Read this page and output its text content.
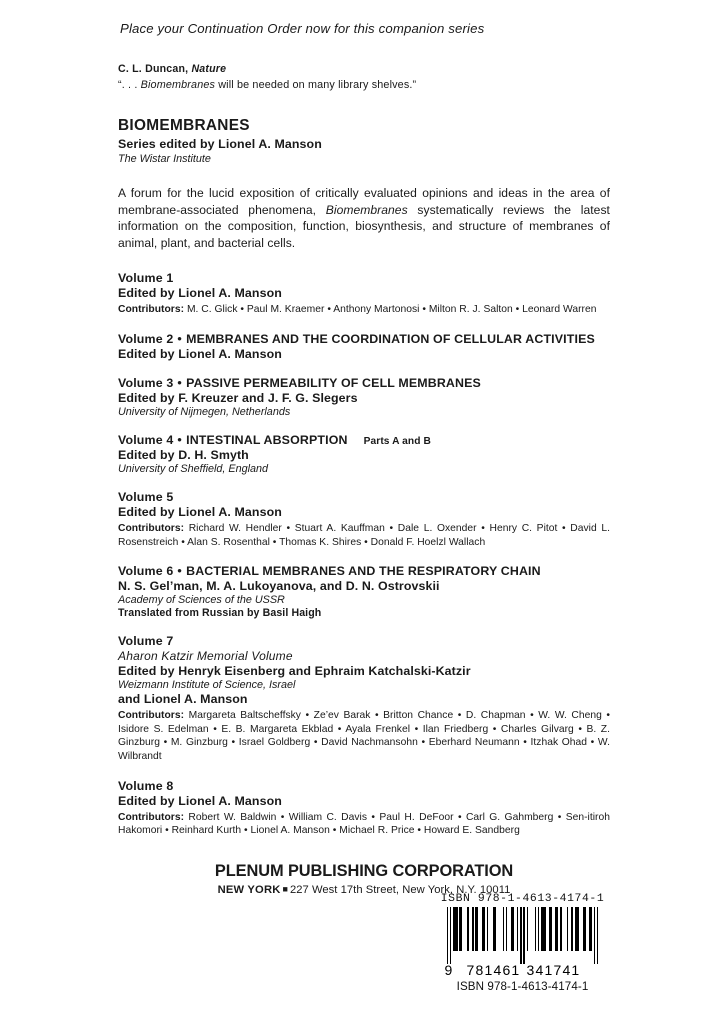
Place your Continuation Order now for this companion series
C. L. Duncan, Nature
“. . . Biomembranes will be needed on many library shelves.”
BIOMEMBRANES
Series edited by Lionel A. Manson
The Wistar Institute
A forum for the lucid exposition of critically evaluated opinions and ideas in the area of membrane-associated phenomena, Biomembranes systematically reviews the latest information on the composition, function, biosynthesis, and structure of membranes of animal, plant, and bacterial cells.
Volume 1
Edited by Lionel A. Manson
Contributors: M. C. Glick • Paul M. Kraemer • Anthony Martonosi • Milton R. J. Salton • Leonard Warren
Volume 2 • MEMBRANES AND THE COORDINATION OF CELLULAR ACTIVITIES
Edited by Lionel A. Manson
Volume 3 • PASSIVE PERMEABILITY OF CELL MEMBRANES
Edited by F. Kreuzer and J. F. G. Slegers
University of Nijmegen, Netherlands
Volume 4 • INTESTINAL ABSORPTION Parts A and B
Edited by D. H. Smyth
University of Sheffield, England
Volume 5
Edited by Lionel A. Manson
Contributors: Richard W. Hendler • Stuart A. Kauffman • Dale L. Oxender • Henry C. Pitot • David L. Rosenstreich • Alan S. Rosenthal • Thomas K. Shires • Donald F. Hoelzl Wallach
Volume 6 • BACTERIAL MEMBRANES AND THE RESPIRATORY CHAIN
N. S. Gel’man, M. A. Lukoyanova, and D. N. Ostrovskii
Academy of Sciences of the USSR
Translated from Russian by Basil Haigh
Volume 7
Aharon Katzir Memorial Volume
Edited by Henryk Eisenberg and Ephraim Katchalski-Katzir
Weizmann Institute of Science, Israel
and Lionel A. Manson
Contributors: Margareta Baltscheffsky • Ze’ev Barak • Britton Chance • D. Chapman • W. W. Cheng • Isidore S. Edelman • E. B. Margareta Ekblad • Ayala Frenkel • Ilan Friedberg • Charles Gilvarg • B. Z. Ginzburg • M. Ginzburg • Israel Goldberg • David Nachmansohn • Eberhard Neumann • Itzhak Ohad • W. Wilbrandt
Volume 8
Edited by Lionel A. Manson
Contributors: Robert W. Baldwin • William C. Davis • Paul H. DeFoor • Carl G. Gahmberg • Sen-itiroh Hakomori • Reinhard Kurth • Lionel A. Manson • Michael R. Price • Howard E. Sandberg
PLENUM PUBLISHING CORPORATION
NEW YORK ■ 227 West 17th Street, New York, N.Y. 10011
ISBN 978-1-4613-4174-1
9 781461 341741
ISBN 978-1-4613-4174-1
